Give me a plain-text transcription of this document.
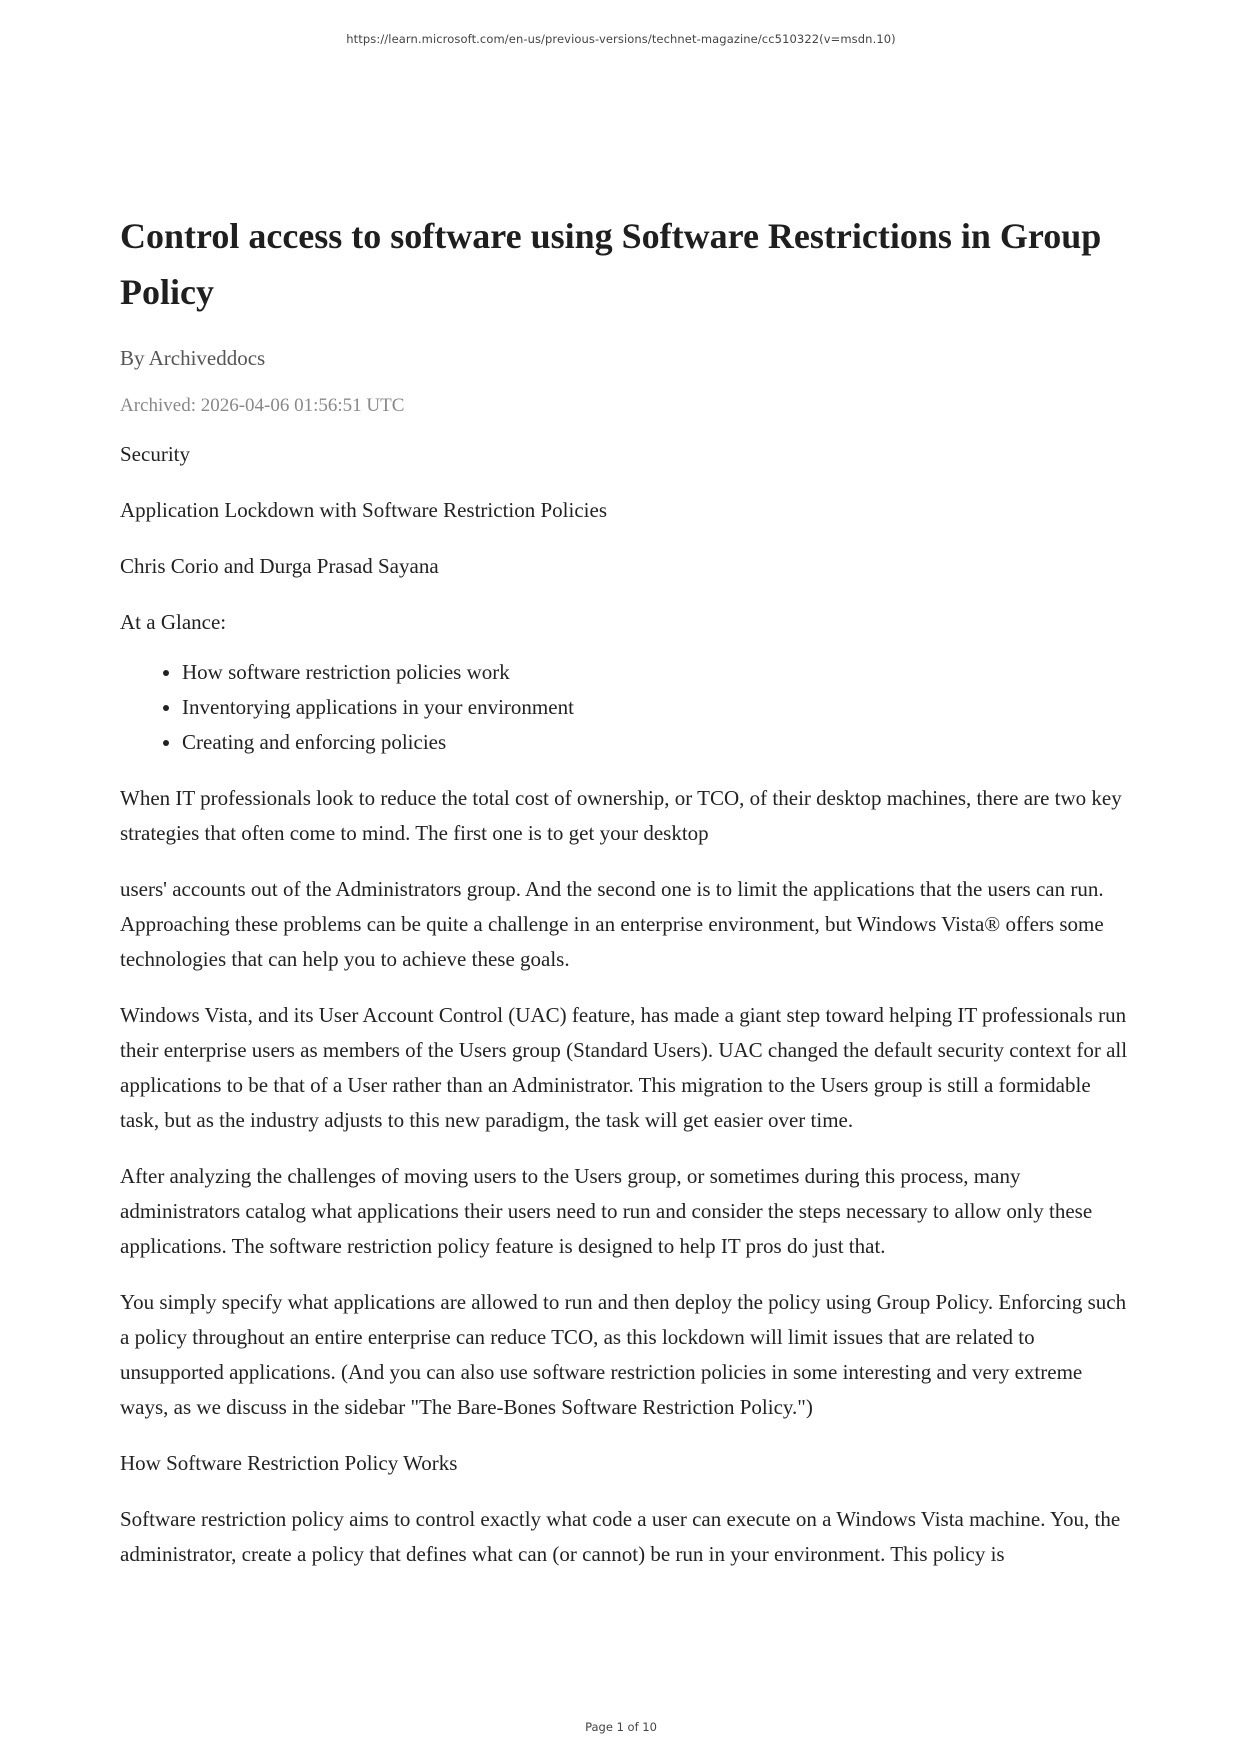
https://learn.microsoft.com/en-us/previous-versions/technet-magazine/cc510322(v=msdn.10)
Control access to software using Software Restrictions in Group Policy

By Archiveddocs

Archived: 2026-04-06 01:56:51 UTC

Security

Application Lockdown with Software Restriction Policies

Chris Corio and Durga Prasad Sayana

At a Glance:

• How software restriction policies work
• Inventorying applications in your environment
• Creating and enforcing policies

When IT professionals look to reduce the total cost of ownership, or TCO, of their desktop machines, there are two key strategies that often come to mind. The first one is to get your desktop

users' accounts out of the Administrators group. And the second one is to limit the applications that the users can run. Approaching these problems can be quite a challenge in an enterprise environment, but Windows Vista® offers some technologies that can help you to achieve these goals.

Windows Vista, and its User Account Control (UAC) feature, has made a giant step toward helping IT professionals run their enterprise users as members of the Users group (Standard Users). UAC changed the default security context for all applications to be that of a User rather than an Administrator. This migration to the Users group is still a formidable task, but as the industry adjusts to this new paradigm, the task will get easier over time.

After analyzing the challenges of moving users to the Users group, or sometimes during this process, many administrators catalog what applications their users need to run and consider the steps necessary to allow only these applications. The software restriction policy feature is designed to help IT pros do just that.

You simply specify what applications are allowed to run and then deploy the policy using Group Policy. Enforcing such a policy throughout an entire enterprise can reduce TCO, as this lockdown will limit issues that are related to unsupported applications. (And you can also use software restriction policies in some interesting and very extreme ways, as we discuss in the sidebar "The Bare-Bones Software Restriction Policy.")

How Software Restriction Policy Works

Software restriction policy aims to control exactly what code a user can execute on a Windows Vista machine. You, the administrator, create a policy that defines what can (or cannot) be run in your environment. This policy is

Page 1 of 10
